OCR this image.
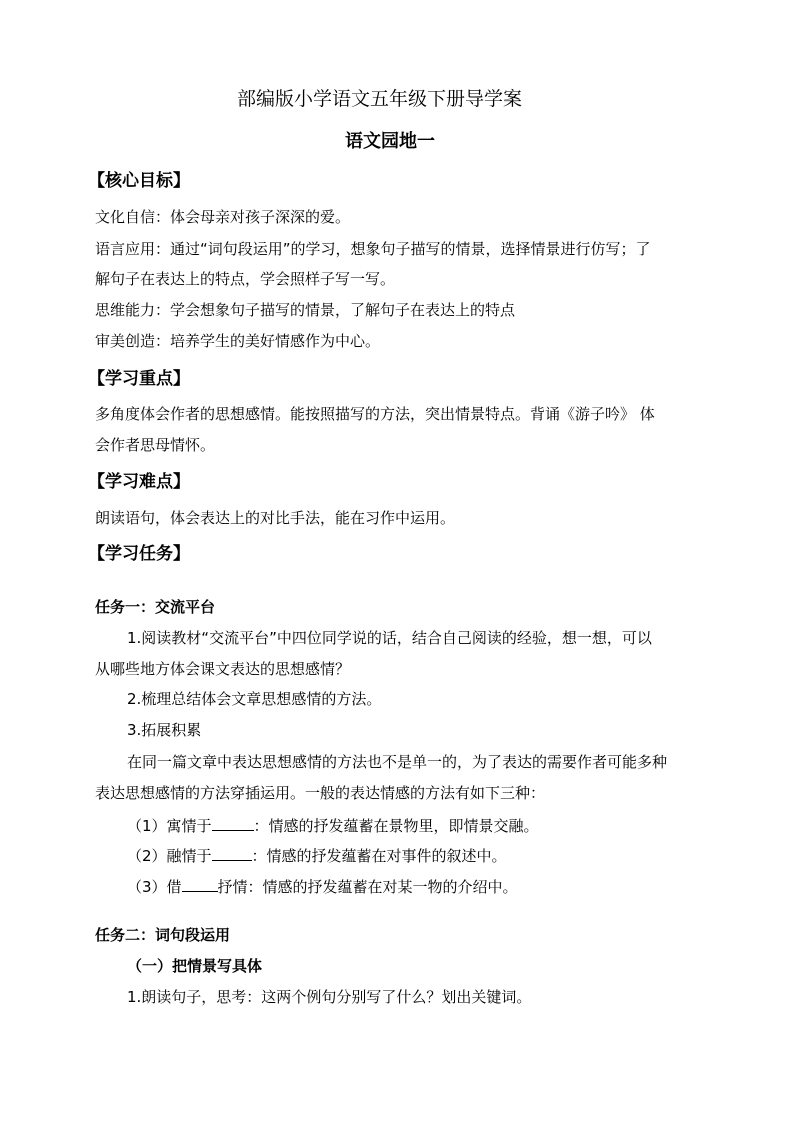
部编版小学语文五年级下册导学案
语文园地一
【核心目标】
文化自信：体会母亲对孩子深深的爱。
语言应用：通过“词句段运用”的学习，想象句子描写的情景，选择情景进行仿写；了
解句子在表达上的特点，学会照样子写一写。
思维能力：学会想象句子描写的情景，了解句子在表达上的特点
审美创造：培养学生的美好情感作为中心。
【学习重点】
多角度体会作者的思想感情。能按照描写的方法，突出情景特点。背诵《游子吟》 体
会作者思母情怀。
【学习难点】
朗读语句，体会表达上的对比手法，能在习作中运用。
【学习任务】
任务一：交流平台
1.阅读教材“交流平台”中四位同学说的话，结合自己阅读的经验，想一想，可以
从哪些地方体会课文表达的思想感情？
2.梳理总结体会文章思想感情的方法。
3.拓展积累
在同一篇文章中表达思想感情的方法也不是单一的，为了表达的需要作者可能多种
表达思想感情的方法穿插运用。一般的表达情感的方法有如下三种：
（1）寓情于	：情感的抒发蕴蓄在景物里，即情景交融。
（2）融情于	：情感的抒发蕴蓄在对事件的叙述中。
（3）借 抒情：情感的抒发蕴蓄在对某一物的介绍中。
任务二：词句段运用
（一）把情景写具体
1.朗读句子，思考：这两个例句分别写了什么？划出关键词。
